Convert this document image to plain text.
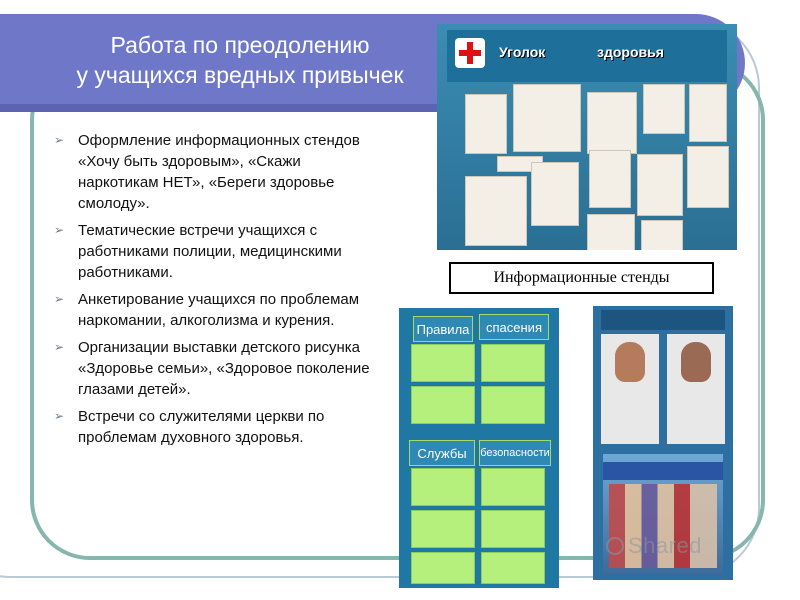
Работа по преодолению
у учащихся вредных привычек
➢ Оформление информационных стендов «Хочу быть здоровым», «Скажи наркотикам НЕТ», «Береги здоровье смолоду».
➢ Тематические встречи учащихся с работниками полиции, медицинскими работниками.
➢ Анкетирование учащихся по проблемам наркомании, алкоголизма и курения.
➢ Организации выставки детского рисунка «Здоровье семьи», «Здоровое поколение глазами детей».
➢ Встречи со служителями церкви по проблемам духовного здоровья.
Уголок	здоровья
Информационные стенды
Правила	спасения
Службы	безопасности
Shared
